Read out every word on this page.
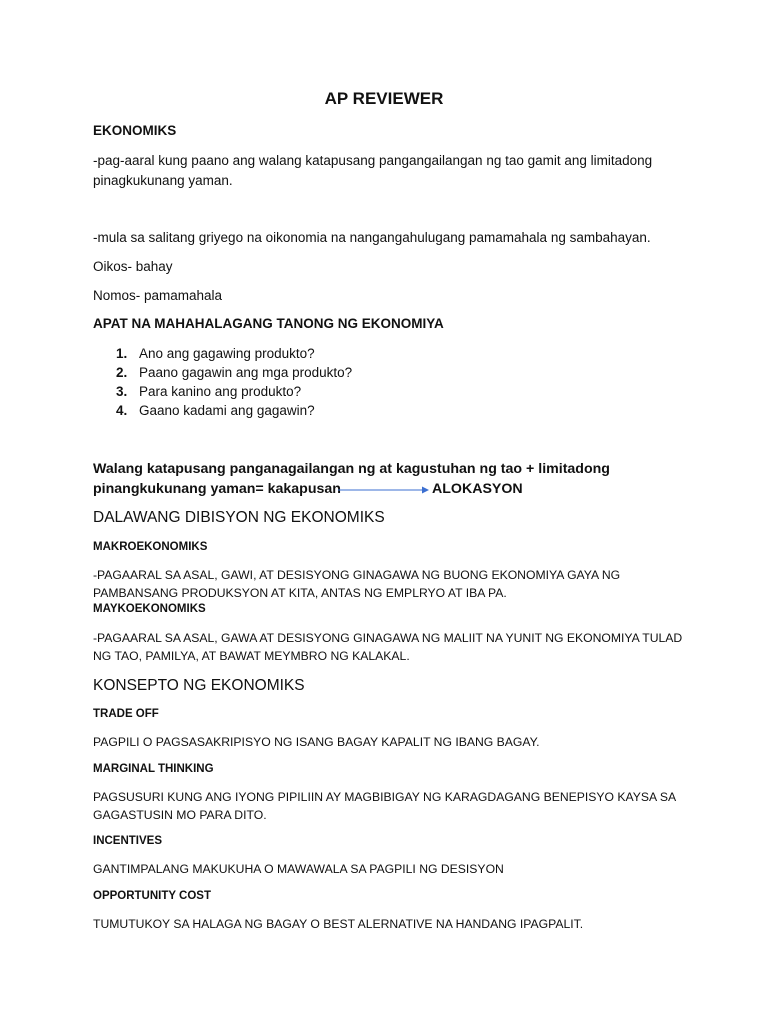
AP REVIEWER
EKONOMIKS
-pag-aaral kung paano ang walang katapusang pangangailangan ng tao gamit ang limitadong
pinagkukunang yaman.
-mula sa salitang griyego na oikonomia na nangangahulugang pamamahala ng sambahayan.
Oikos- bahay
Nomos- pamamahala
APAT NA MAHAHALAGANG TANONG NG EKONOMIYA
1. Ano ang gagawing produkto?
2. Paano gagawin ang mga produkto?
3. Para kanino ang produkto?
4. Gaano kadami ang gagawin?
Walang katapusang panganagailangan ng at kagustuhan ng tao + limitadong
pinangkukunang yaman= kakapusan	ALOKASYON
DALAWANG DIBISYON NG EKONOMIKS
MAKROEKONOMIKS
-PAGAARAL SA ASAL, GAWI, AT DESISYONG GINAGAWA NG BUONG EKONOMIYA GAYA NG
PAMBANSANG PRODUKSYON AT KITA, ANTAS NG EMPLRYO AT IBA PA.
MAYKOEKONOMIKS
-PAGAARAL SA ASAL, GAWA AT DESISYONG GINAGAWA NG MALIIT NA YUNIT NG EKONOMIYA TULAD
NG TAO, PAMILYA, AT BAWAT MEYMBRO NG KALAKAL.
KONSEPTO NG EKONOMIKS
TRADE OFF
PAGPILI O PAGSASAKRIPISYO NG ISANG BAGAY KAPALIT NG IBANG BAGAY.
MARGINAL THINKING
PAGSUSURI KUNG ANG IYONG PIPILIIN AY MAGBIBIGAY NG KARAGDAGANG BENEPISYO KAYSA SA
GAGASTUSIN MO PARA DITO.
INCENTIVES
GANTIMPALANG MAKUKUHA O MAWAWALA SA PAGPILI NG DESISYON
OPPORTUNITY COST
TUMUTUKOY SA HALAGA NG BAGAY O BEST ALERNATIVE NA HANDANG IPAGPALIT.
